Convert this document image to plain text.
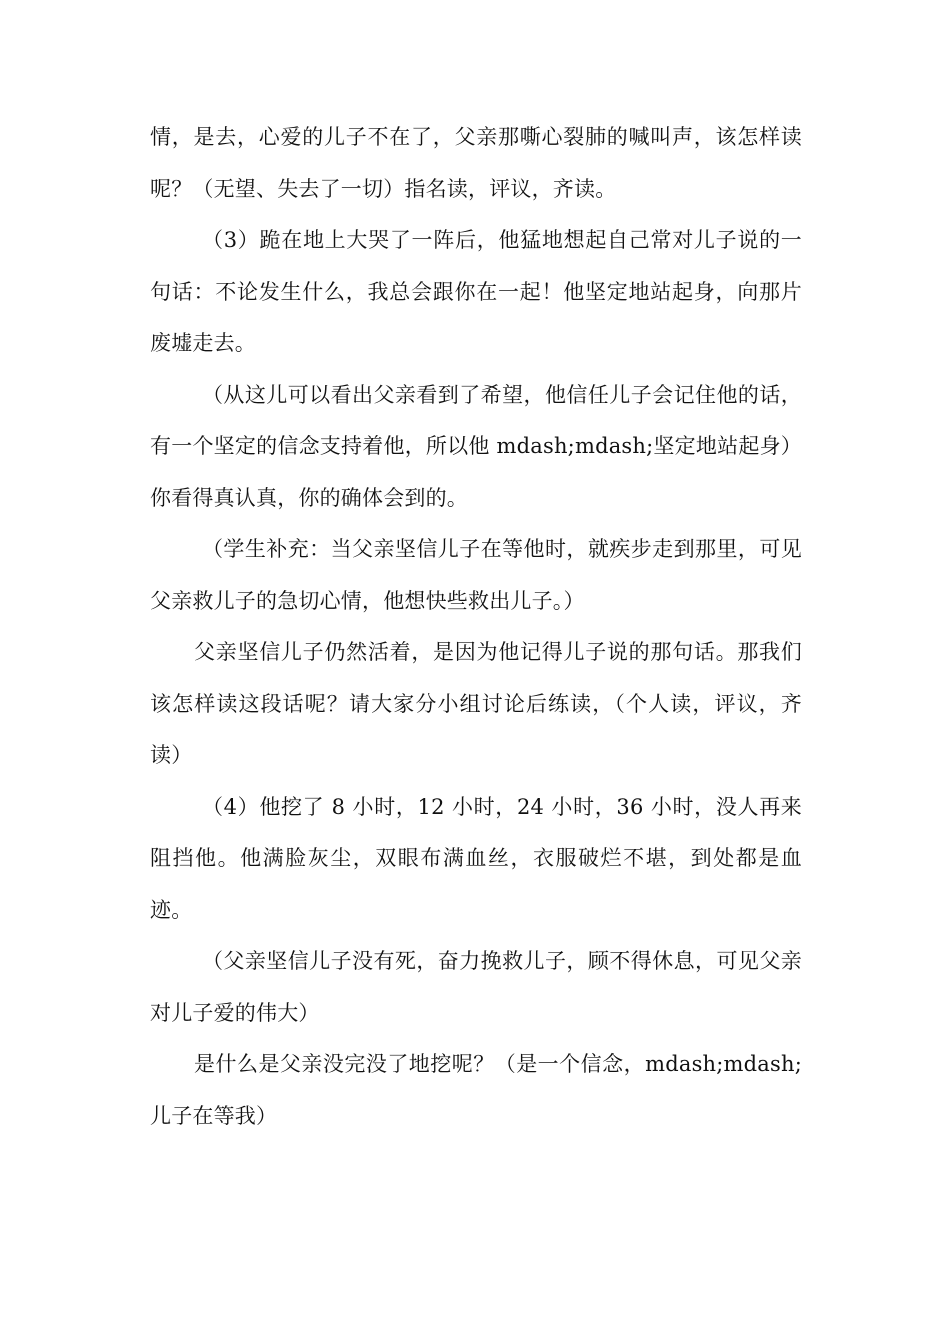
情，是去，心爱的儿子不在了，父亲那嘶心裂肺的喊叫声，该怎样读呢？（无望、失去了一切）指名读，评议，齐读。

（3）跪在地上大哭了一阵后，他猛地想起自己常对儿子说的一句话：不论发生什么，我总会跟你在一起！他坚定地站起身，向那片废墟走去。

（从这儿可以看出父亲看到了希望，他信任儿子会记住他的话，有一个坚定的信念支持着他，所以他 mdash;mdash;坚定地站起身）你看得真认真，你的确体会到的。

（学生补充：当父亲坚信儿子在等他时，就疾步走到那里，可见父亲救儿子的急切心情，他想快些救出儿子。）

父亲坚信儿子仍然活着，是因为他记得儿子说的那句话。那我们该怎样读这段话呢？请大家分小组讨论后练读，（个人读，评议，齐读）

（4）他挖了 8 小时，12 小时，24 小时，36 小时，没人再来阻挡他。他满脸灰尘，双眼布满血丝，衣服破烂不堪，到处都是血迹。

（父亲坚信儿子没有死，奋力挽救儿子，顾不得休息，可见父亲对儿子爱的伟大）

是什么是父亲没完没了地挖呢？（是一个信念，mdash;mdash;儿子在等我）
